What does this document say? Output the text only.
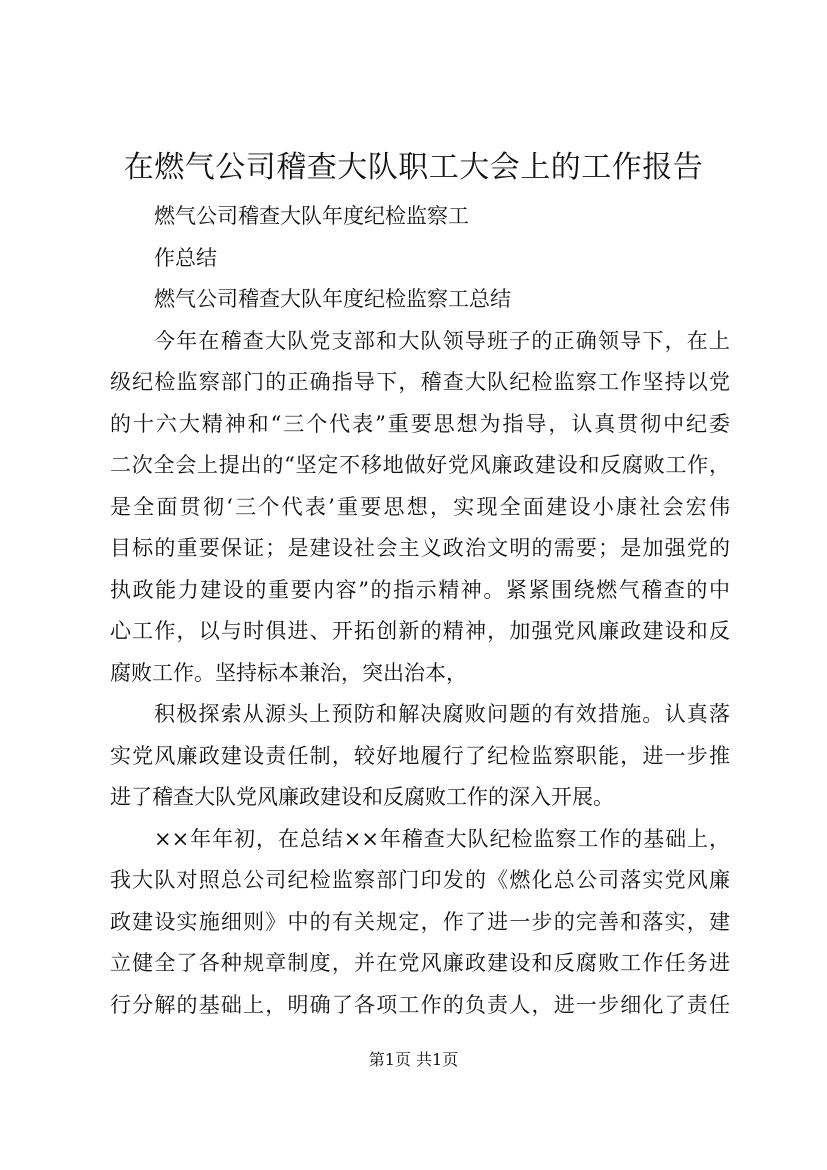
在燃气公司稽查大队职工大会上的工作报告

燃气公司稽查大队年度纪检监察工

作总结

燃气公司稽查大队年度纪检监察工总结

今年在稽查大队党支部和大队领导班子的正确领导下，在上

级纪检监察部门的正确指导下，稽查大队纪检监察工作坚持以党

的十六大精神和“三个代表”重要思想为指导，认真贯彻中纪委

二次全会上提出的“坚定不移地做好党风廉政建设和反腐败工作，

是全面贯彻‘三个代表’重要思想，实现全面建设小康社会宏伟

目标的重要保证；是建设社会主义政治文明的需要；是加强党的

执政能力建设的重要内容”的指示精神。紧紧围绕燃气稽查的中

心工作，以与时俱进、开拓创新的精神，加强党风廉政建设和反

腐败工作。坚持标本兼治，突出治本，

积极探索从源头上预防和解决腐败问题的有效措施。认真落

实党风廉政建设责任制，较好地履行了纪检监察职能，进一步推

进了稽查大队党风廉政建设和反腐败工作的深入开展。

××年年初，在总结××年稽查大队纪检监察工作的基础上，

我大队对照总公司纪检监察部门印发的《燃化总公司落实党风廉

政建设实施细则》中的有关规定，作了进一步的完善和落实，建

立健全了各种规章制度，并在党风廉政建设和反腐败工作任务进

行分解的基础上，明确了各项工作的负责人，进一步细化了责任

第1页 共1页
